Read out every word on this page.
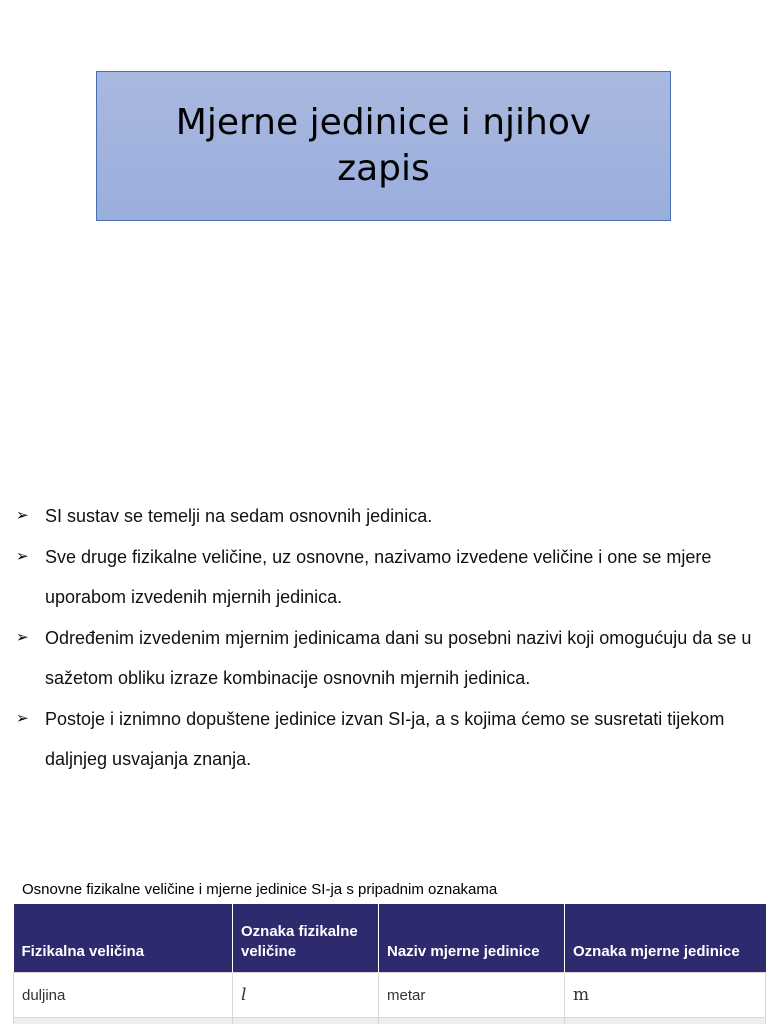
Mjerne jedinice i njihov zapis
➢ SI sustav se temelji na sedam osnovnih jedinica.
➢ Sve druge fizikalne veličine, uz osnovne, nazivamo izvedene veličine i one se mjere uporabom izvedenih mjernih jedinica.
➢ Određenim izvedenim mjernim jedinicama dani su posebni nazivi koji omogućuju da se u sažetom obliku izraze kombinacije osnovnih mjernih jedinica.
➢ Postoje i iznimno dopuštene jedinice izvan SI-ja, a s kojima ćemo se susretati tijekom daljnjeg usvajanja znanja.
Osnovne fizikalne veličine i mjerne jedinice SI-ja s pripadnim oznakama
Fizikalna veličina	Oznaka fizikalne veličine	Naziv mjerne jedinice	Oznaka mjerne jedinice
duljina	l	metar	m
